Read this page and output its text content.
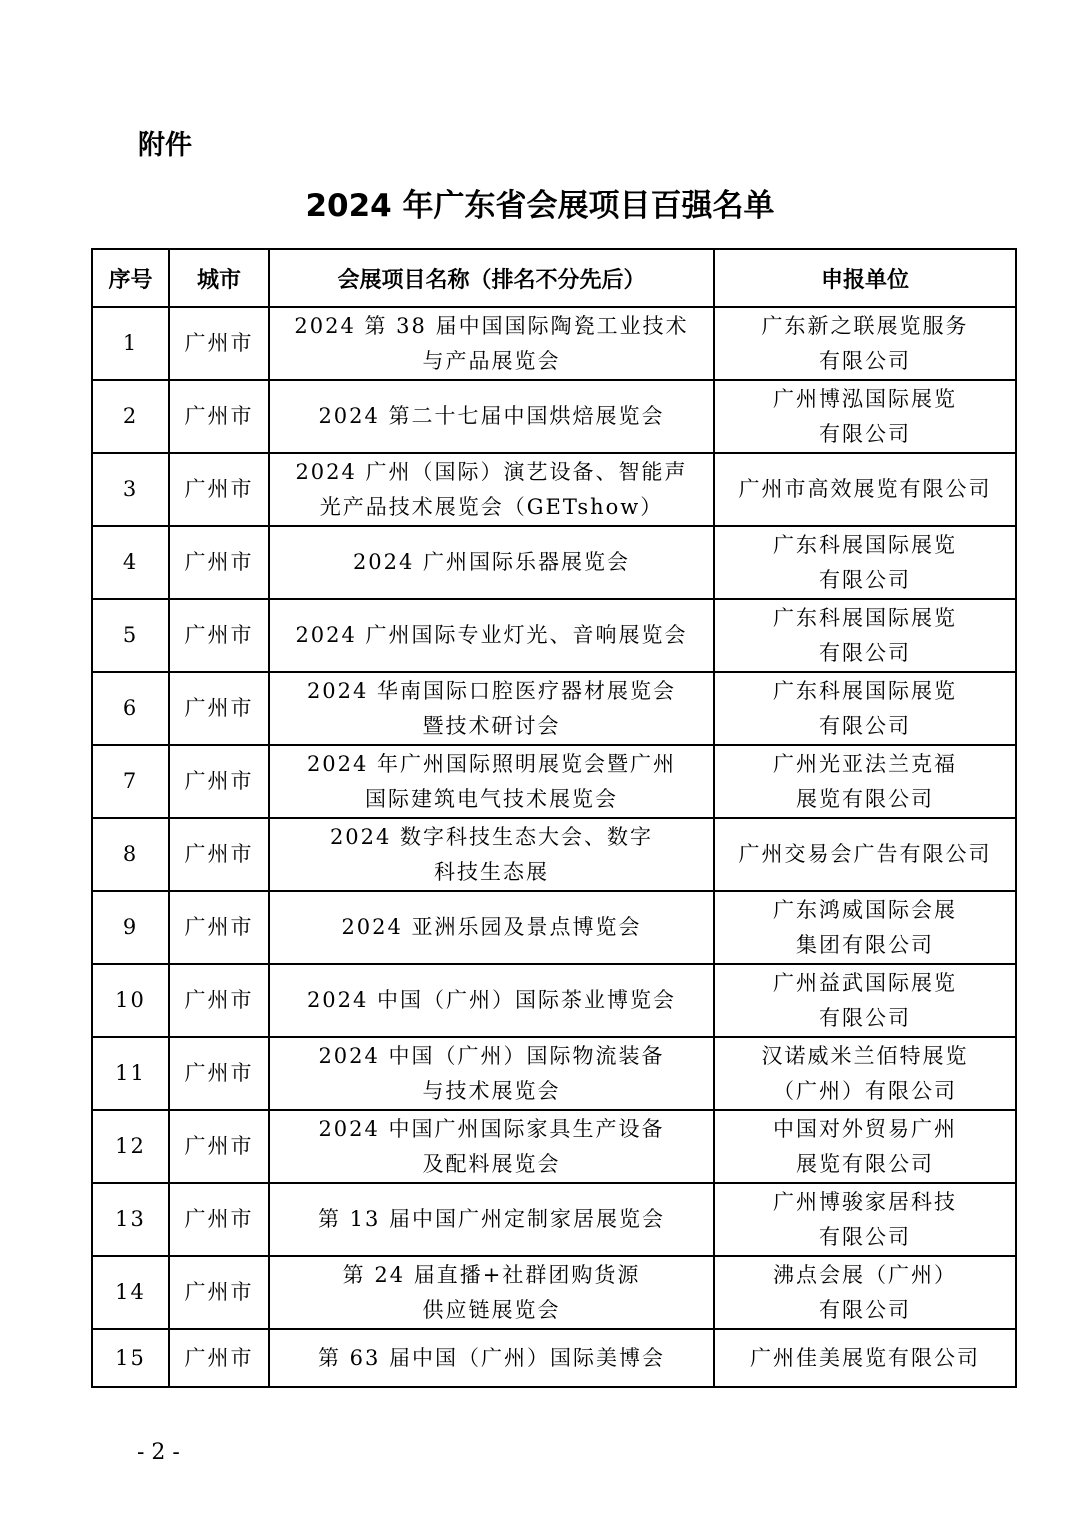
附件
2024 年广东省会展项目百强名单
序号	城市	会展项目名称（排名不分先后）	申报单位
1	广州市	2024 第 38 届中国国际陶瓷工业技术
与产品展览会	广东新之联展览服务
有限公司

2	广州市	2024 第二十七届中国烘焙展览会	广州博泓国际展览
有限公司

3	广州市	2024 广州（国际）演艺设备、智能声
光产品技术展览会（GETshow）	广州市高效展览有限公司

4	广州市	2024 广州国际乐器展览会	广东科展国际展览
有限公司

5	广州市	2024 广州国际专业灯光、音响展览会	广东科展国际展览
有限公司

6	广州市	2024 华南国际口腔医疗器材展览会
暨技术研讨会	广东科展国际展览
有限公司

7	广州市	2024 年广州国际照明展览会暨广州
国际建筑电气技术展览会	广州光亚法兰克福
展览有限公司

8	广州市	2024 数字科技生态大会、数字
科技生态展	广州交易会广告有限公司

9	广州市	2024 亚洲乐园及景点博览会	广东鸿威国际会展
集团有限公司

10	广州市	2024 中国（广州）国际茶业博览会	广州益武国际展览
有限公司

11	广州市	2024 中国（广州）国际物流装备
与技术展览会	汉诺威米兰佰特展览
（广州）有限公司

12	广州市	2024 中国广州国际家具生产设备
及配料展览会	中国对外贸易广州
展览有限公司

13	广州市	第 13 届中国广州定制家居展览会	广州博骏家居科技
有限公司

14	广州市	第 24 届直播+社群团购货源
供应链展览会	沸点会展（广州）
有限公司

15	广州市	第 63 届中国（广州）国际美博会	广州佳美展览有限公司
- 2 -
